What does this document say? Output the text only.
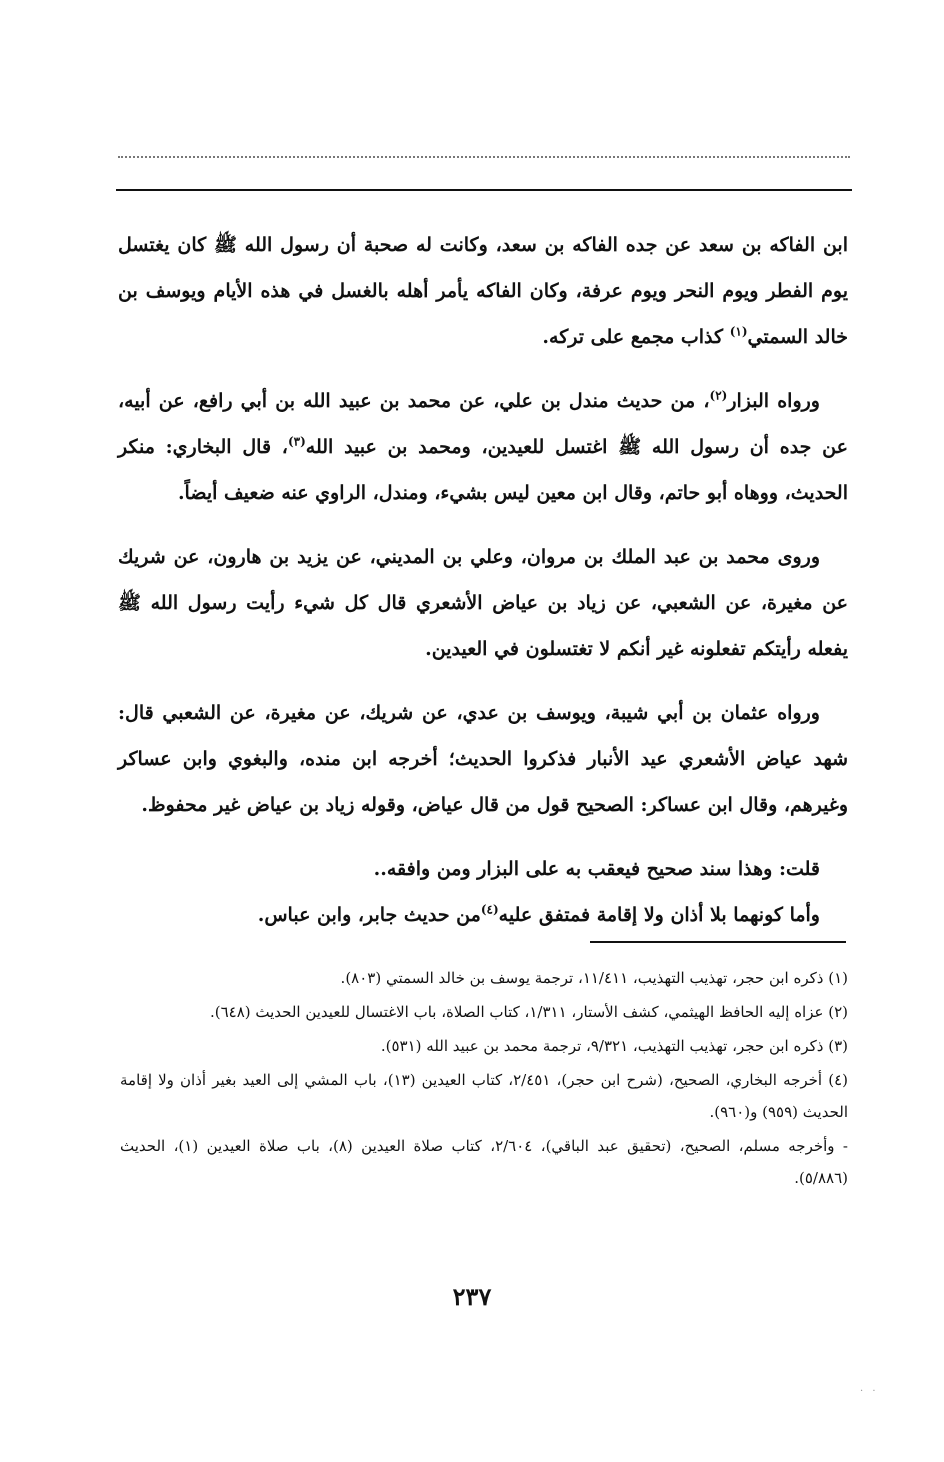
ابن الفاكه بن سعد عن جده الفاكه بن سعد، وكانت له صحبة أن رسول الله ﷺ كان يغتسل يوم الفطر ويوم النحر ويوم عرفة، وكان الفاكه يأمر أهله بالغسل في هذه الأيام ويوسف بن خالد السمتي$^{(١)}$ كذاب مجمع على تركه.

ورواه البزار$^{(٢)}$، من حديث مندل بن علي، عن محمد بن عبيد الله بن أبي رافع، عن أبيه، عن جده أن رسول الله ﷺ اغتسل للعيدين، ومحمد بن عبيد الله$^{(٣)}$، قال البخاري: منكر الحديث، ووهاه أبو حاتم، وقال ابن معين ليس بشيء، ومندل، الراوي عنه ضعيف أيضاً.

وروى محمد بن عبد الملك بن مروان، وعلي بن المديني، عن يزيد بن هارون، عن شريك عن مغيرة، عن الشعبي، عن زياد بن عياض الأشعري قال كل شيء رأيت رسول الله ﷺ يفعله رأيتكم تفعلونه غير أنكم لا تغتسلون في العيدين.

ورواه عثمان بن أبي شيبة، ويوسف بن عدي، عن شريك، عن مغيرة، عن الشعبي قال: شهد عياض الأشعري عيد الأنبار فذكروا الحديث؛ أخرجه ابن منده، والبغوي وابن عساكر وغيرهم، وقال ابن عساكر: الصحيح قول من قال عياض، وقوله زياد بن عياض غير محفوظ.

قلت: وهذا سند صحيح فيعقب به على البزار ومن وافقه..

وأما كونهما بلا أذان ولا إقامة فمتفق عليه$^{(٤)}$من حديث جابر، وابن عباس.

(١) ذكره ابن حجر، تهذيب التهذيب، ١١/٤١١، ترجمة يوسف بن خالد السمتي (٨٠٣).

(٢) عزاه إليه الحافظ الهيثمي، كشف الأستار، ١/٣١١، كتاب الصلاة، باب الاغتسال للعيدين الحديث (٦٤٨).

(٣) ذكره ابن حجر، تهذيب التهذيب، ٩/٣٢١، ترجمة محمد بن عبيد الله (٥٣١).

(٤) أخرجه البخاري، الصحيح، (شرح ابن حجر)، ٢/٤٥١، كتاب العيدين (١٣)، باب المشي إلى العيد بغير أذان ولا إقامة الحديث (٩٥٩) و(٩٦٠).

- وأخرجه مسلم، الصحيح، (تحقيق عبد الباقي)، ٢/٦٠٤، كتاب صلاة العيدين (٨)، باب صلاة العيدين (١)، الحديث (٥/٨٨٦).

٢٣٧
· ·
